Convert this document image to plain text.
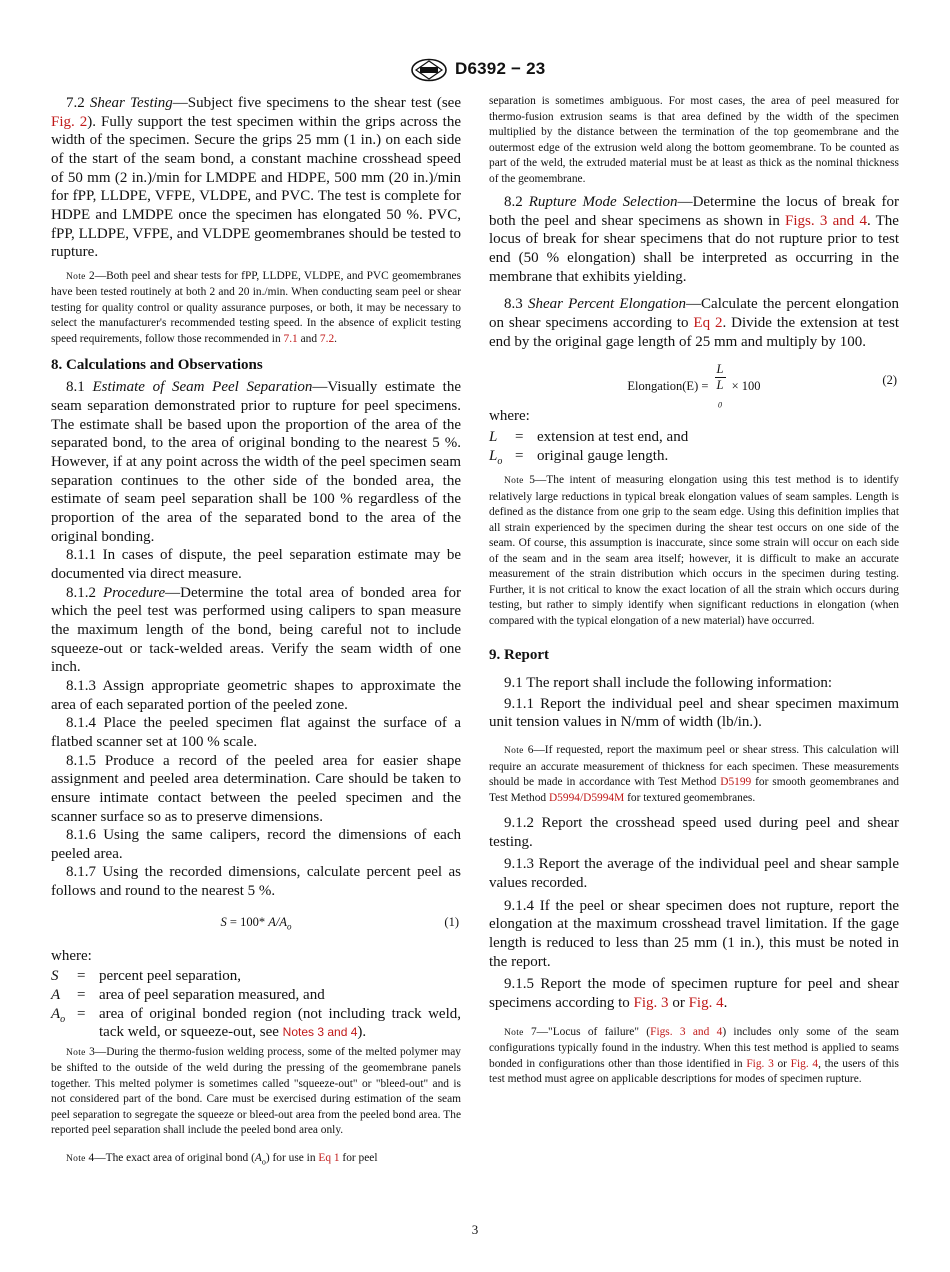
D6392 − 23

7.2 Shear Testing—Subject five specimens to the shear test (see Fig. 2). Fully support the test specimen within the grips across the width of the specimen. Secure the grips 25 mm (1 in.) on each side of the start of the seam bond, a constant machine crosshead speed of 50 mm (2 in.)/min for LMDPE and HDPE, 500 mm (20 in.)/min for fPP, LLDPE, VFPE, VLDPE, and PVC. The test is complete for HDPE and LMDPE once the specimen has elongated 50 %. PVC, fPP, LLDPE, VFPE, and VLDPE geomembranes should be tested to rupture.

Note 2—Both peel and shear tests for fPP, LLDPE, VLDPE, and PVC geomembranes have been tested routinely at both 2 and 20 in./min. When conducting seam peel or shear testing for quality control or quality assurance purposes, or both, it may be necessary to select the manufacturer's recommended testing speed. In the absence of explicit testing speed requirements, follow those recommended in 7.1 and 7.2.

8. Calculations and Observations

8.1 Estimate of Seam Peel Separation—Visually estimate the seam separation demonstrated prior to rupture for peel specimens. The estimate shall be based upon the proportion of the area of the separated bond, to the area of original bonding to the nearest 5 %. However, if at any point across the width of the peel specimen seam separation continues to the other side of the bonded area, the estimate of seam peel separation shall be 100 % regardless of the proportion of the area of the separated bond to the area of the original bonding.

8.1.1 In cases of dispute, the peel separation estimate may be documented via direct measure.

8.1.2 Procedure—Determine the total area of bonded area for which the peel test was performed using calipers to span measure the maximum length of the bond, being careful not to include squeeze-out or tack-welded areas. Verify the seam width of one inch.

8.1.3 Assign appropriate geometric shapes to approximate the area of each separated portion of the peeled zone.

8.1.4 Place the peeled specimen flat against the surface of a flatbed scanner set at 100 % scale.

8.1.5 Produce a record of the peeled area for easier shape assignment and peeled area determination. Care should be taken to ensure intimate contact between the peeled specimen and the scanner surface so as to preserve dimensions.

8.1.6 Using the same calipers, record the dimensions of each peeled area.

8.1.7 Using the recorded dimensions, calculate percent peel as follows and round to the nearest 5 %.

S = 100* $A/A_o$	(1)
where:
S	=	percent peel separation,
A	=	area of peel separation measured, and
$A_o$	=	area of original bonded region (not including track weld, tack weld, or squeeze-out, see Notes 3 and 4).

Note 3—During the thermo-fusion welding process, some of the melted polymer may be shifted to the outside of the weld during the pressing of the geomembrane panels together. This melted polymer is sometimes called "squeeze-out" or "bleed-out" and is not considered part of the bond. Care must be exercised during estimation of the seam peel separation to segregate the squeeze or bleed-out area from the peeled bond area. The reported peel separation shall include the peeled bond area only.

Note 4—The exact area of original bond $(A_o)$ for use in Eq 1 for peel

separation is sometimes ambiguous. For most cases, the area of peel measured for thermo-fusion extrusion seams is that area defined by the width of the specimen multiplied by the distance between the termination of the top geomembrane and the outermost edge of the extrusion weld along the bottom geomembrane. To be counted as part of the weld, the extruded material must be at least as thick as the nominal thickness of the geomembrane.

8.2 Rupture Mode Selection—Determine the locus of break for both the peel and shear specimens as shown in Figs. 3 and 4. The locus of break for shear specimens that do not rupture prior to test end (50 % elongation) shall be interpreted as occurring in the membrane that exhibits yielding.

8.3 Shear Percent Elongation—Calculate the percent elongation on shear specimens according to Eq 2. Divide the extension at test end by the original gage length of 25 mm and multiply by 100.

Elongation(E) = L
L
$_0$ × 100	(2)
where:
L	=	extension at test end, and
$L_o$	=	original gauge length.

Note 5—The intent of measuring elongation using this test method is to identify relatively large reductions in typical break elongation values of seam samples. Length is defined as the distance from one grip to the seam edge. Using this definition implies that all strain experienced by the specimen during the shear test occurs on one side of the seam. Of course, this assumption is inaccurate, since some strain will occur on each side of the seam and in the seam area itself; however, it is difficult to make an accurate measurement of the strain distribution which occurs in the specimen during testing. Further, it is not critical to know the exact location of all the strain which occurs during testing, but rather to simply identify when significant reductions in elongation (when compared with the typical elongation of a new material) have occurred.

9. Report

9.1 The report shall include the following information:

9.1.1 Report the individual peel and shear specimen maximum unit tension values in N/mm of width (lb/in.).

Note 6—If requested, report the maximum peel or shear stress. This calculation will require an accurate measurement of thickness for each specimen. These measurements should be made in accordance with Test Method D5199 for smooth geomembranes and Test Method D5994/D5994M for textured geomembranes.

9.1.2 Report the crosshead speed used during peel and shear testing.

9.1.3 Report the average of the individual peel and shear sample values recorded.

9.1.4 If the peel or shear specimen does not rupture, report the elongation at the maximum crosshead travel limitation. If the gage length is reduced to less than 25 mm (1 in.), this must be noted in the report.

9.1.5 Report the mode of specimen rupture for peel and shear specimens according to Fig. 3 or Fig. 4.

Note 7—"Locus of failure" (Figs. 3 and 4) includes only some of the seam configurations typically found in the industry. When this test method is applied to seams bonded in configurations other than those identified in Fig. 3 or Fig. 4, the users of this test method must agree on applicable descriptions for modes of specimen rupture.

3
